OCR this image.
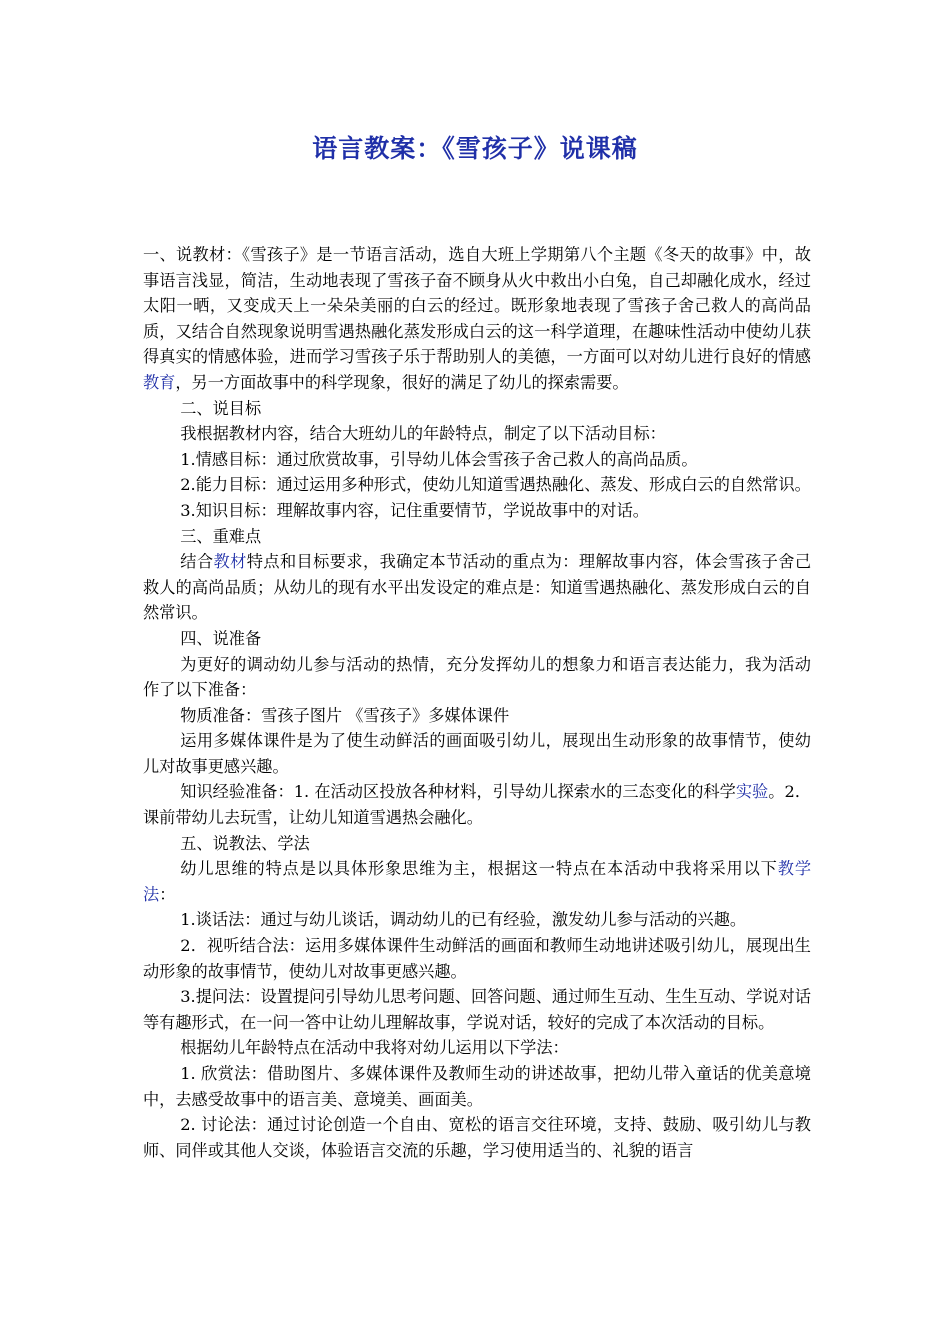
语言教案：《雪孩子》说课稿

一、说教材：《雪孩子》是一节语言活动，选自大班上学期第八个主题《冬天的故事》中，故事语言浅显，简洁，生动地表现了雪孩子奋不顾身从火中救出小白兔，自己却融化成水，经过太阳一晒，又变成天上一朵朵美丽的白云的经过。既形象地表现了雪孩子舍己救人的高尚品质，又结合自然现象说明雪遇热融化蒸发形成白云的这一科学道理，在趣味性活动中使幼儿获得真实的情感体验，进而学习雪孩子乐于帮助别人的美德，一方面可以对幼儿进行良好的情感教育，另一方面故事中的科学现象，很好的满足了幼儿的探索需要。

二、说目标

我根据教材内容，结合大班幼儿的年龄特点，制定了以下活动目标：

1.情感目标：通过欣赏故事，引导幼儿体会雪孩子舍己救人的高尚品质。

2.能力目标：通过运用多种形式，使幼儿知道雪遇热融化、蒸发、形成白云的自然常识。

3.知识目标：理解故事内容，记住重要情节，学说故事中的对话。

三、重难点

结合教材特点和目标要求，我确定本节活动的重点为：理解故事内容，体会雪孩子舍己救人的高尚品质；从幼儿的现有水平出发设定的难点是：知道雪遇热融化、蒸发形成白云的自然常识。

四、说准备

为更好的调动幼儿参与活动的热情，充分发挥幼儿的想象力和语言表达能力，我为活动作了以下准备：

物质准备：雪孩子图片 《雪孩子》多媒体课件

运用多媒体课件是为了使生动鲜活的画面吸引幼儿，展现出生动形象的故事情节，使幼儿对故事更感兴趣。

知识经验准备：1. 在活动区投放各种材料，引导幼儿探索水的三态变化的科学实验。2．课前带幼儿去玩雪，让幼儿知道雪遇热会融化。

五、说教法、学法

幼儿思维的特点是以具体形象思维为主，根据这一特点在本活动中我将采用以下教学法：

1.谈话法：通过与幼儿谈话，调动幼儿的已有经验，激发幼儿参与活动的兴趣。

2．视听结合法：运用多媒体课件生动鲜活的画面和教师生动地讲述吸引幼儿，展现出生动形象的故事情节，使幼儿对故事更感兴趣。

3.提问法：设置提问引导幼儿思考问题、回答问题、通过师生互动、生生互动、学说对话等有趣形式，在一问一答中让幼儿理解故事，学说对话，较好的完成了本次活动的目标。

根据幼儿年龄特点在活动中我将对幼儿运用以下学法：

1. 欣赏法：借助图片、多媒体课件及教师生动的讲述故事，把幼儿带入童话的优美意境中，去感受故事中的语言美、意境美、画面美。

2. 讨论法：通过讨论创造一个自由、宽松的语言交往环境，支持、鼓励、吸引幼儿与教师、同伴或其他人交谈，体验语言交流的乐趣，学习使用适当的、礼貌的语言
